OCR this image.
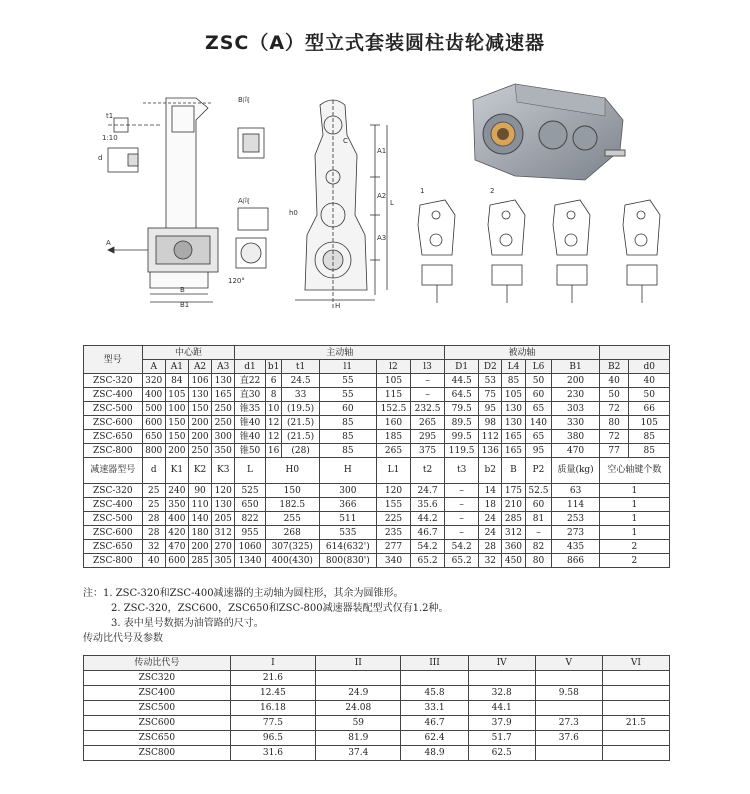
ZSC（A）型立式套装圆柱齿轮减速器
B向
A向
A
1:10
120°
B1
B
d
t1
A1
A2
A3
L
H
h0
C
1	2
型号	中心距				主动轴						被动轴						
	A	A1	A2	A3	d1	b1	t1	l1	l2	l3	D1	D2	L4	L6	B1	B2	d0
ZSC-320	320	84	106	130	直22	6	24.5	55	105	–	44.5	53	85	50	200	40	40
ZSC-400	400	105	130	165	直30	8	33	55	115	–	64.5	75	105	60	230	50	50
ZSC-500	500	100	150	250	锥35	10	(19.5)	60	152.5	232.5	79.5	95	130	65	303	72	66
ZSC-600	600	150	200	250	锥40	12	(21.5)	85	160	265	89.5	98	130	140	330	80	105
ZSC-650	650	150	200	300	锥40	12	(21.5)	85	185	295	99.5	112	165	65	380	72	85
ZSC-800	800	200	250	350	锥50	16	(28)	85	265	375	119.5	136	165	95	470	77	85
减速器型号	d	K1	K2	K3	L	H0		H	L1	t2	t3	b2	B	P2	质量(kg)	空心轴键个数	
ZSC-320	25	240	90	120	525	150		300	120	24.7	–	14	175	52.5	63	1	
ZSC-400	25	350	110	130	650	182.5		366	155	35.6	–	18	210	60	114	1	
ZSC-500	28	400	140	205	822	255		511	225	44.2	–	24	285	81	253	1	
ZSC-600	28	420	180	312	955	268		535	235	46.7	–	24	312	–	273	1	
ZSC-650	32	470	200	270	1060	307(325)		614(632')	277	54.2	54.2	28	360	82	435	2	
ZSC-800	40	600	285	305	1340	400(430)		800(830')	340	65.2	65.2	32	450	80	866	2	
注：1. ZSC-320和ZSC-400减速器的主动轴为圆柱形，其余为圆锥形。
2. ZSC-320，ZSC600，ZSC650和ZSC-800减速器装配型式仅有1.2种。
3. 表中星号数据为油管路的尺寸。
传动比代号及参数
传动比代号	I	II	III	IV	V	VI
ZSC320	21.6					
ZSC400	12.45	24.9	45.8	32.8	9.58	
ZSC500	16.18	24.08	33.1	44.1		
ZSC600	77.5	59	46.7	37.9	27.3	21.5
ZSC650	96.5	81.9	62.4	51.7	37.6	
ZSC800	31.6	37.4	48.9	62.5		
